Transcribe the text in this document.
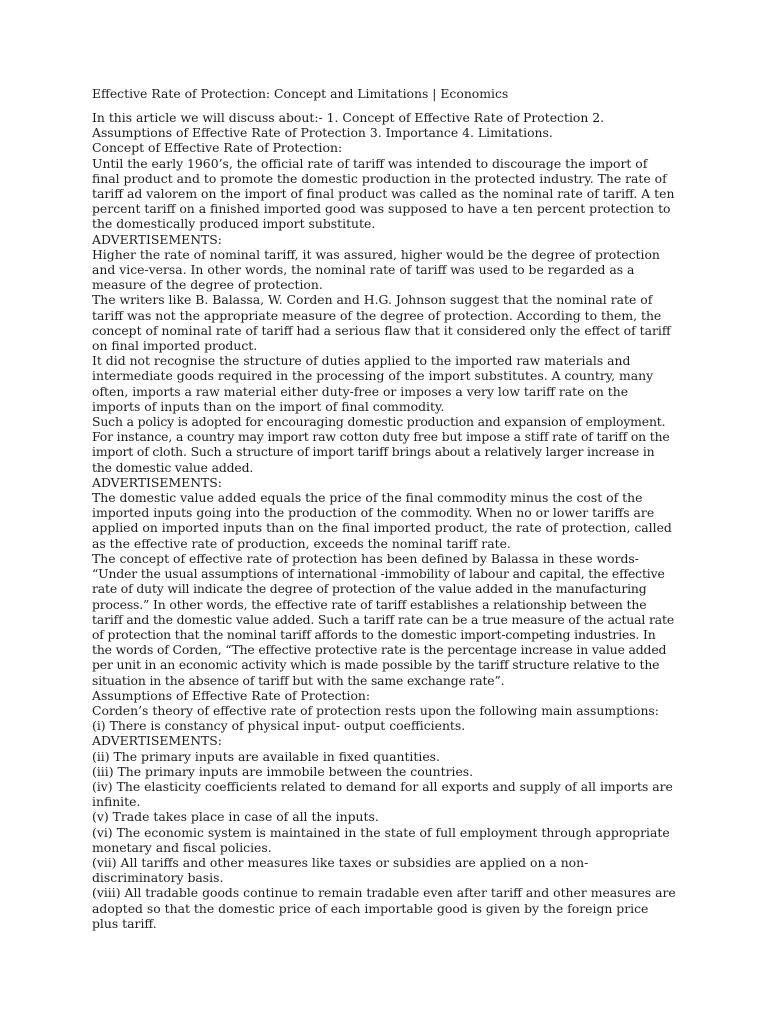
Effective Rate of Protection: Concept and Limitations | Economics

In this article we will discuss about:- 1. Concept of Effective Rate of Protection 2. Assumptions of Effective Rate of Protection 3. Importance 4. Limitations.

Concept of Effective Rate of Protection:

Until the early 1960’s, the official rate of tariff was intended to discourage the import of final product and to promote the domestic production in the protected industry. The rate of tariff ad valorem on the import of final product was called as the nominal rate of tariff. A ten percent tariff on a finished imported good was supposed to have a ten percent protection to the domestically produced import substitute.

ADVERTISEMENTS:

Higher the rate of nominal tariff, it was assured, higher would be the degree of protection and vice-versa. In other words, the nominal rate of tariff was used to be regarded as a measure of the degree of protection.

The writers like B. Balassa, W. Corden and H.G. Johnson suggest that the nominal rate of tariff was not the appropriate measure of the degree of protection. According to them, the concept of nominal rate of tariff had a serious flaw that it considered only the effect of tariff on final imported product.

It did not recognise the structure of duties applied to the imported raw materials and intermediate goods required in the processing of the import substitutes. A country, many often, imports a raw material either duty-free or imposes a very low tariff rate on the imports of inputs than on the import of final commodity.

Such a policy is adopted for encouraging domestic production and expansion of employment. For instance, a country may import raw cotton duty free but impose a stiff rate of tariff on the import of cloth. Such a structure of import tariff brings about a relatively larger increase in the domestic value added.

ADVERTISEMENTS:

The domestic value added equals the price of the final commodity minus the cost of the imported inputs going into the production of the commodity. When no or lower tariffs are applied on imported inputs than on the final imported product, the rate of protection, called as the effective rate of production, exceeds the nominal tariff rate.

The concept of effective rate of protection has been defined by Balassa in these words-

“Under the usual assumptions of international -immobility of labour and capital, the effective rate of duty will indicate the degree of protection of the value added in the manufacturing process.” In other words, the effective rate of tariff establishes a relationship between the tariff and the domestic value added. Such a tariff rate can be a true measure of the actual rate of protection that the nominal tariff affords to the domestic import-competing industries. In the words of Corden, “The effective protective rate is the percentage increase in value added per unit in an economic activity which is made possible by the tariff structure relative to the situation in the absence of tariff but with the same exchange rate”.

Assumptions of Effective Rate of Protection:

Corden’s theory of effective rate of protection rests upon the following main assumptions:

(i) There is constancy of physical input- output coefficients.

ADVERTISEMENTS:

(ii) The primary inputs are available in fixed quantities.

(iii) The primary inputs are immobile between the countries.

(iv) The elasticity coefficients related to demand for all exports and supply of all imports are infinite.

(v) Trade takes place in case of all the inputs.

(vi) The economic system is maintained in the state of full employment through appropriate monetary and fiscal policies.

(vii) All tariffs and other measures like taxes or subsidies are applied on a non-discriminatory basis.

(viii) All tradable goods continue to remain tradable even after tariff and other measures are adopted so that the domestic price of each importable good is given by the foreign price plus tariff.
